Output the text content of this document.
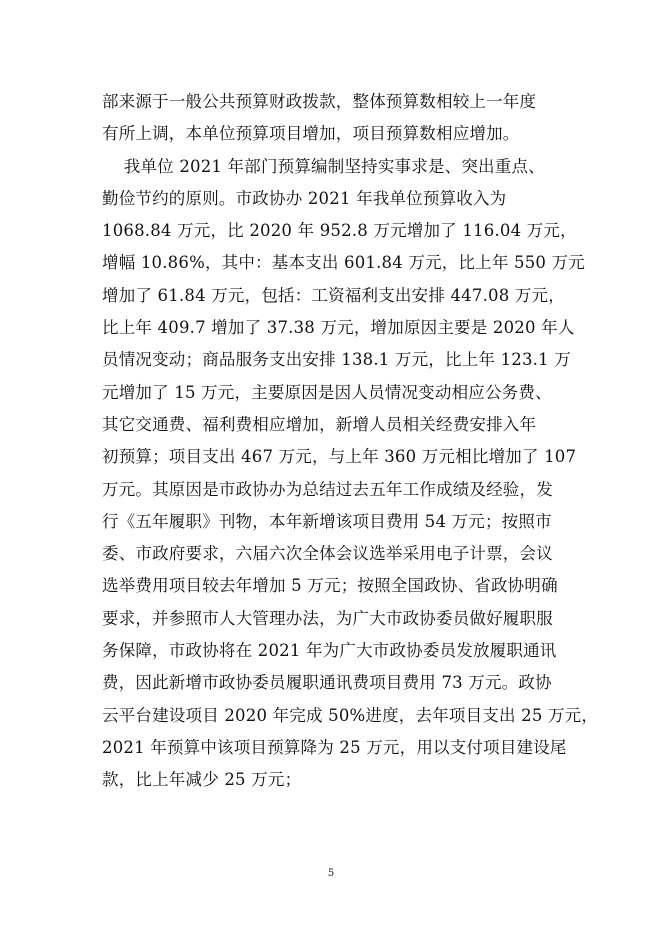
部来源于一般公共预算财政拨款，整体预算数相较上一年度
有所上调，本单位预算项目增加，项目预算数相应增加。
我单位 2021 年部门预算编制坚持实事求是、突出重点、
勤俭节约的原则。市政协办 2021 年我单位预算收入为
1068.84 万元，比 2020 年 952.8 万元增加了 116.04 万元，
增幅 10.86%，其中：基本支出 601.84 万元，比上年 550 万元
增加了 61.84 万元，包括：工资福利支出安排 447.08 万元，
比上年 409.7 增加了 37.38 万元，增加原因主要是 2020 年人
员情况变动；商品服务支出安排 138.1 万元，比上年 123.1 万
元增加了 15 万元，主要原因是因人员情况变动相应公务费、
其它交通费、福利费相应增加，新增人员相关经费安排入年
初预算；项目支出 467 万元，与上年 360 万元相比增加了 107
万元。其原因是市政协办为总结过去五年工作成绩及经验，发
行《五年履职》刊物，本年新增该项目费用 54 万元；按照市
委、市政府要求，六届六次全体会议选举采用电子计票，会议
选举费用项目较去年增加 5 万元；按照全国政协、省政协明确
要求，并参照市人大管理办法，为广大市政协委员做好履职服
务保障，市政协将在 2021 年为广大市政协委员发放履职通讯
费，因此新增市政协委员履职通讯费项目费用 73 万元。政协
云平台建设项目 2020 年完成 50%进度，去年项目支出 25 万元，
2021 年预算中该项目预算降为 25 万元，用以支付项目建设尾
款，比上年减少 25 万元；
5
